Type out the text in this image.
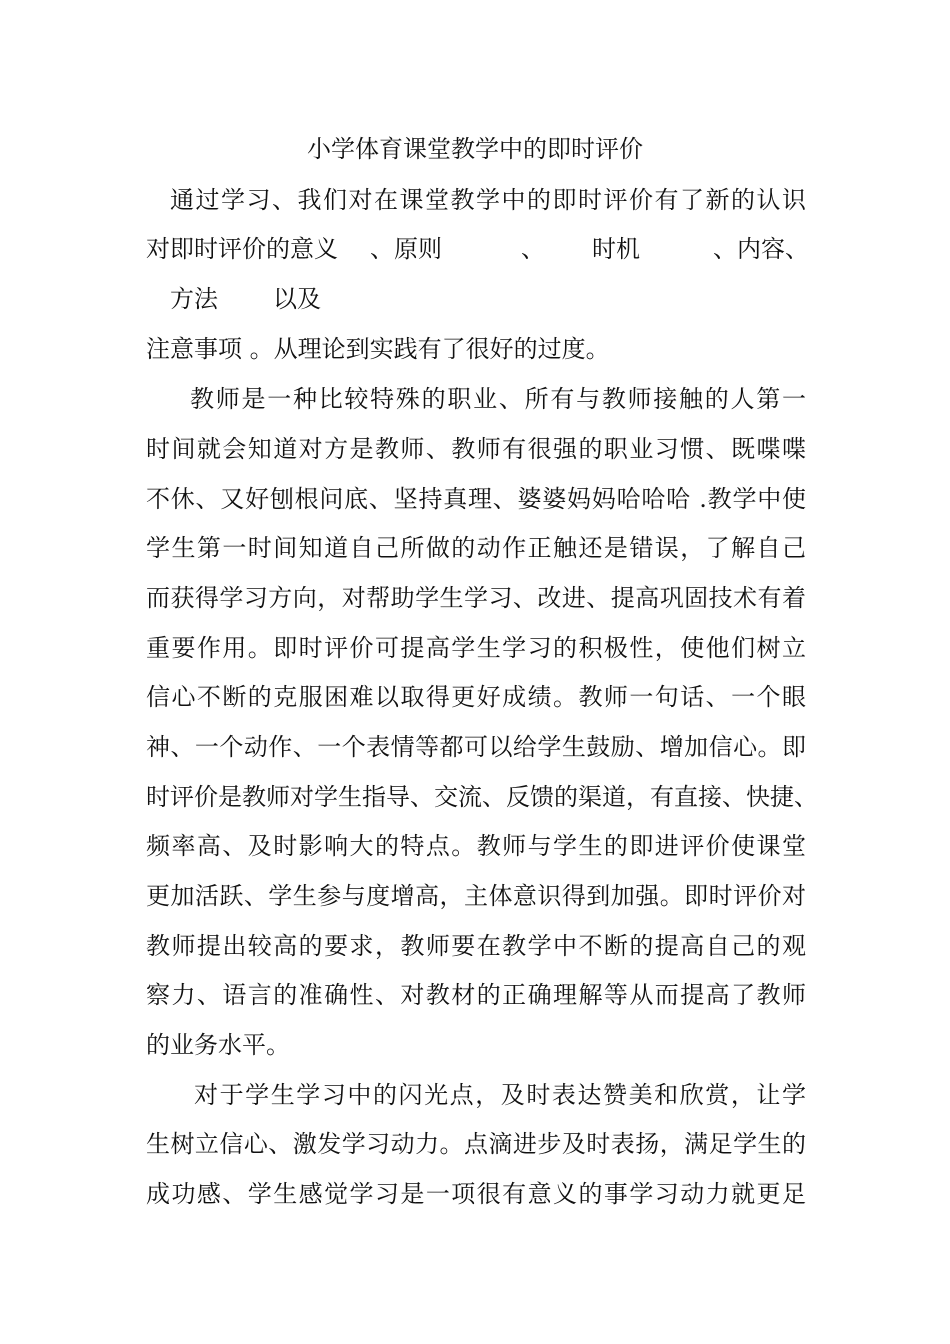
小学体育课堂教学中的即时评价
通过学习、我们对在课堂教学中的即时评价有了新的认识
对即时评价的意义 、原则	、 时机	、内容、
方法 以及
注意事项 。从理论到实践有了很好的过度。
教师是一种比较特殊的职业、所有与教师接触的人第一
时间就会知道对方是教师、教师有很强的职业习惯、既喋喋
不休、又好刨根问底、坚持真理、婆婆妈妈哈哈哈 .教学中使
学生第一时间知道自己所做的动作正触还是错误，了解自己
而获得学习方向，对帮助学生学习、改进、提高巩固技术有着
重要作用。即时评价可提高学生学习的积极性，使他们树立
信心不断的克服困难以取得更好成绩。教师一句话、一个眼
神、一个动作、一个表情等都可以给学生鼓励、增加信心。即
时评价是教师对学生指导、交流、反馈的渠道，有直接、快捷、
频率高、及时影响大的特点。教师与学生的即进评价使课堂
更加活跃、学生参与度增高，主体意识得到加强。即时评价对
教师提出较高的要求，教师要在教学中不断的提高自己的观
察力、语言的准确性、对教材的正确理解等从而提高了教师
的业务水平。
对于学生学习中的闪光点，及时表达赞美和欣赏，让学
生树立信心、激发学习动力。点滴进步及时表扬，满足学生的
成功感、学生感觉学习是一项很有意义的事学习动力就更足
